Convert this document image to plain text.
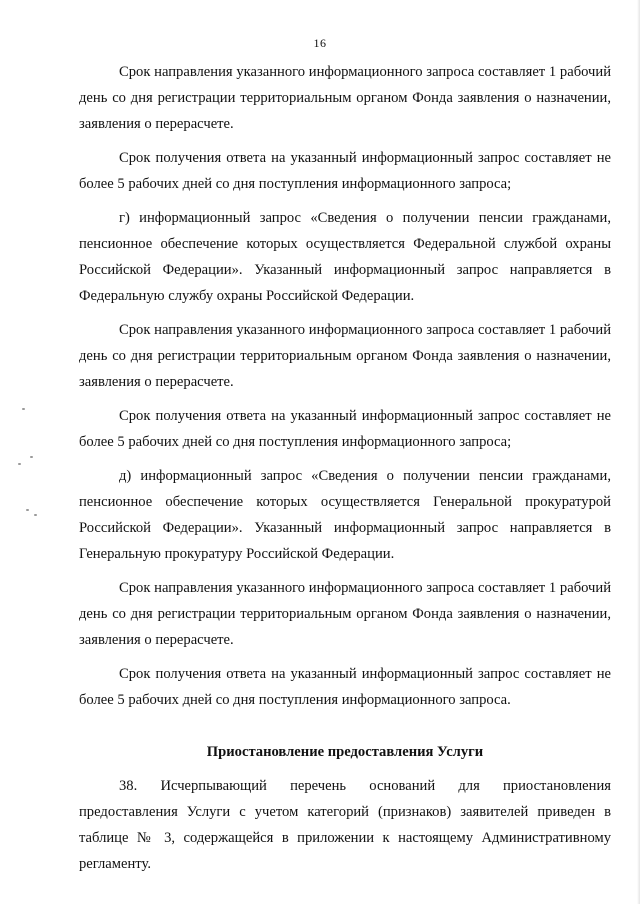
16

Срок направления указанного информационного запроса составляет 1 рабочий день со дня регистрации территориальным органом Фонда заявления о назначении, заявления о перерасчете.

Срок получения ответа на указанный информационный запрос составляет не более 5 рабочих дней со дня поступления информационного запроса;

г) информационный запрос «Сведения о получении пенсии гражданами, пенсионное обеспечение которых осуществляется Федеральной службой охраны Российской Федерации». Указанный информационный запрос направляется в Федеральную службу охраны Российской Федерации.

Срок направления указанного информационного запроса составляет 1 рабочий день со дня регистрации территориальным органом Фонда заявления о назначении, заявления о перерасчете.

Срок получения ответа на указанный информационный запрос составляет не более 5 рабочих дней со дня поступления информационного запроса;

д) информационный запрос «Сведения о получении пенсии гражданами, пенсионное обеспечение которых осуществляется Генеральной прокуратурой Российской Федерации». Указанный информационный запрос направляется в Генеральную прокуратуру Российской Федерации.

Срок направления указанного информационного запроса составляет 1 рабочий день со дня регистрации территориальным органом Фонда заявления о назначении, заявления о перерасчете.

Срок получения ответа на указанный информационный запрос составляет не более 5 рабочих дней со дня поступления информационного запроса.

Приостановление предоставления Услуги

38. Исчерпывающий перечень оснований для приостановления предоставления Услуги с учетом категорий (признаков) заявителей приведен в таблице № 3, содержащейся в приложении к настоящему Административному регламенту.
